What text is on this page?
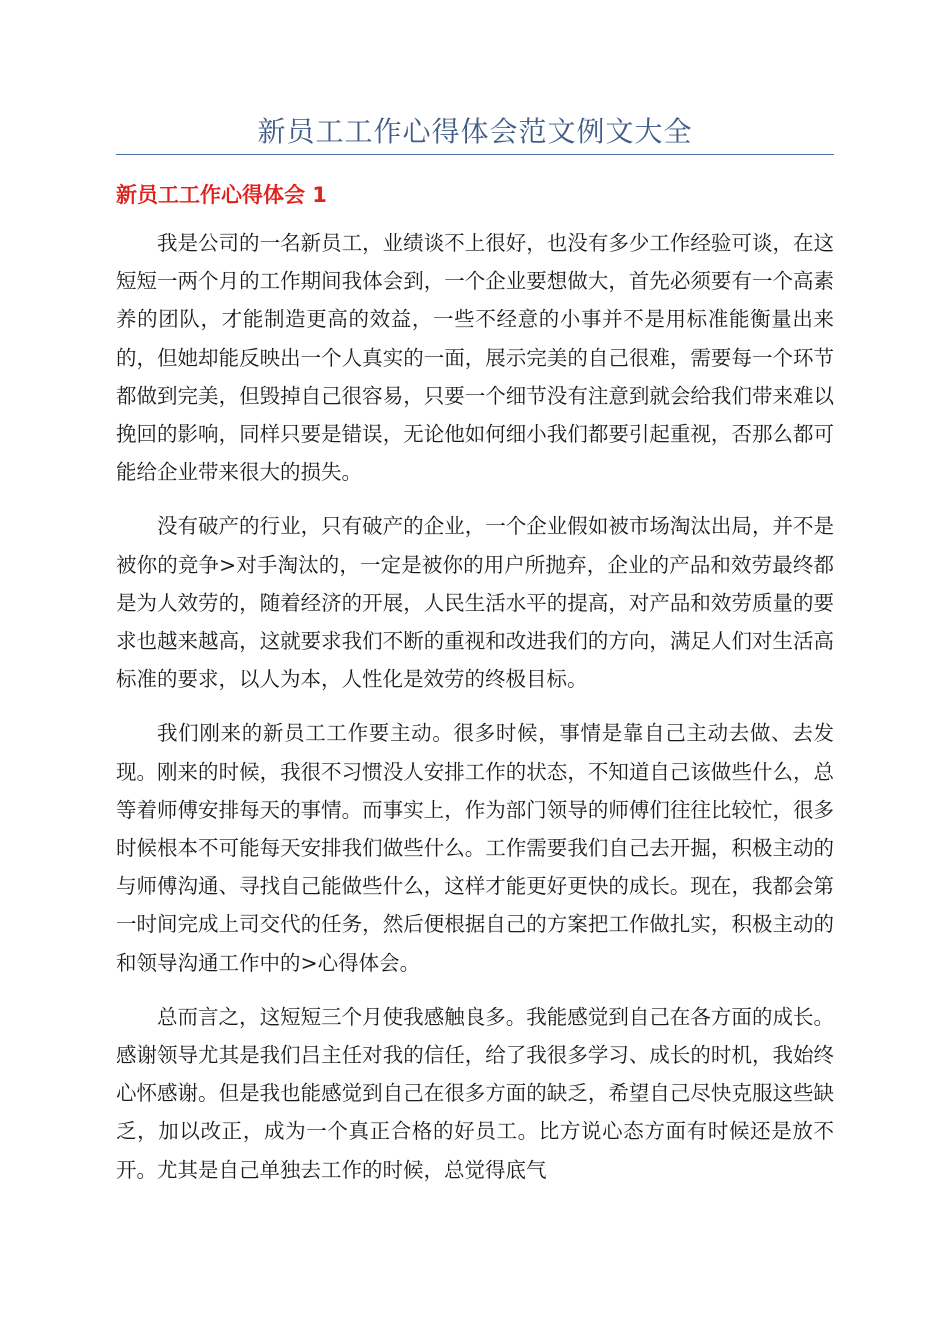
新员工工作心得体会范文例文大全
新员工工作心得体会 1

我是公司的一名新员工，业绩谈不上很好，也没有多少工作经验可谈，在这短短一两个月的工作期间我体会到，一个企业要想做大，首先必须要有一个高素养的团队，才能制造更高的效益，一些不经意的小事并不是用标准能衡量出来的，但她却能反映出一个人真实的一面，展示完美的自己很难，需要每一个环节都做到完美，但毁掉自己很容易，只要一个细节没有注意到就会给我们带来难以挽回的影响，同样只要是错误，无论他如何细小我们都要引起重视，否那么都可能给企业带来很大的损失。

没有破产的行业，只有破产的企业，一个企业假如被市场淘汰出局，并不是被你的竞争>对手淘汰的，一定是被你的用户所抛弃，企业的产品和效劳最终都是为人效劳的，随着经济的开展，人民生活水平的提高，对产品和效劳质量的要求也越来越高，这就要求我们不断的重视和改进我们的方向，满足人们对生活高标准的要求，以人为本，人性化是效劳的终极目标。

我们刚来的新员工工作要主动。很多时候，事情是靠自己主动去做、去发现。刚来的时候，我很不习惯没人安排工作的状态，不知道自己该做些什么，总等着师傅安排每天的事情。而事实上，作为部门领导的师傅们往往比较忙，很多时候根本不可能每天安排我们做些什么。工作需要我们自己去开掘，积极主动的与师傅沟通、寻找自己能做些什么，这样才能更好更快的成长。现在，我都会第一时间完成上司交代的任务，然后便根据自己的方案把工作做扎实，积极主动的和领导沟通工作中的>心得体会。

总而言之，这短短三个月使我感触良多。我能感觉到自己在各方面的成长。感谢领导尤其是我们吕主任对我的信任，给了我很多学习、成长的时机，我始终心怀感谢。但是我也能感觉到自己在很多方面的缺乏，希望自己尽快克服这些缺乏，加以改正，成为一个真正合格的好员工。比方说心态方面有时候还是放不开。尤其是自己单独去工作的时候，总觉得底气
